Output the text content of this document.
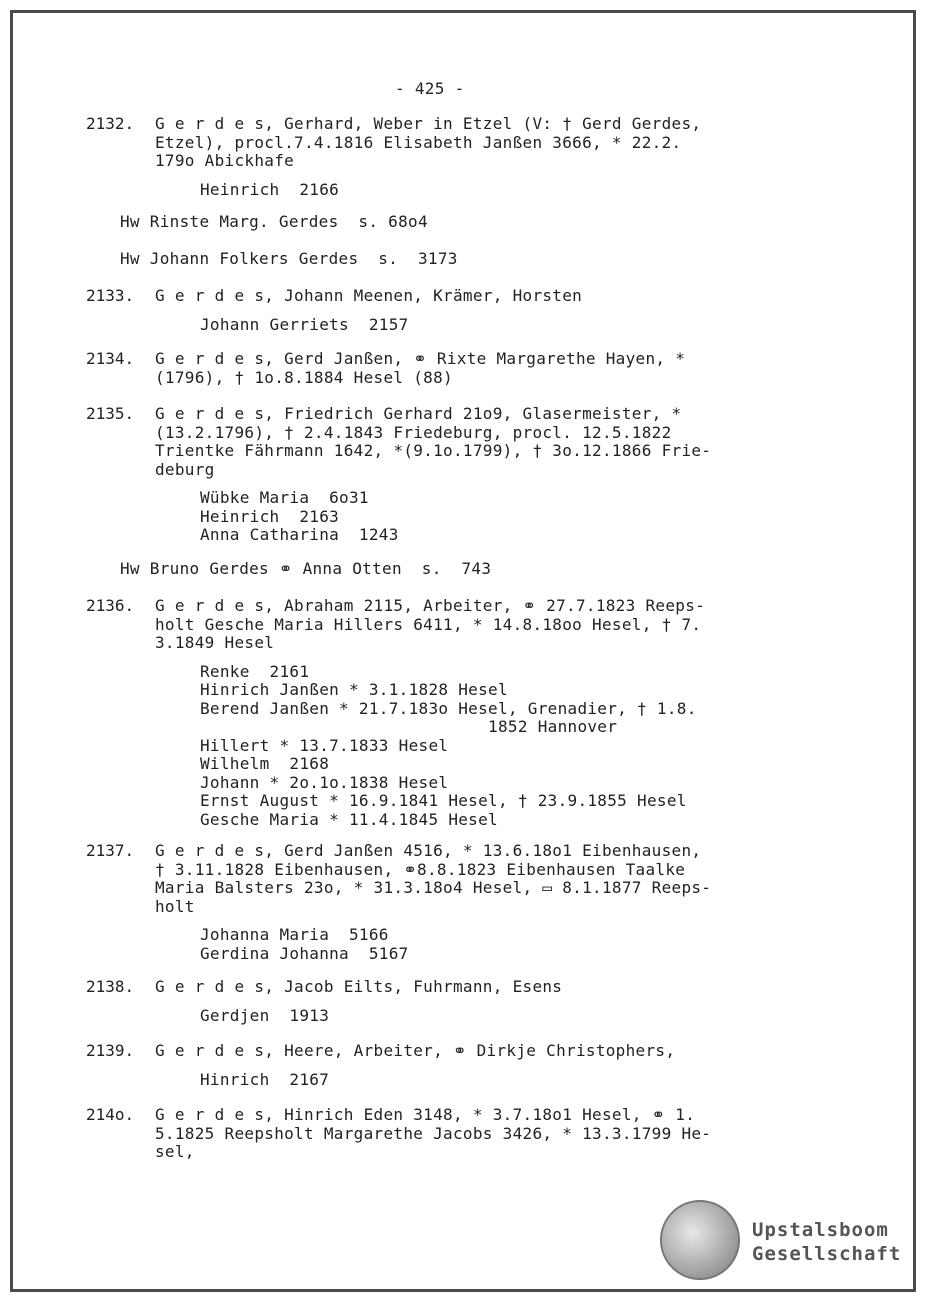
- 425 -
2132. G e r d e s, Gerhard, Weber in Etzel (V: † Gerd Gerdes,
Etzel), procl.7.4.1816 Elisabeth Janßen 3666, * 22.2.
179o Abickhafe
Heinrich  2166
Hw Rinste Marg. Gerdes  s. 68o4
Hw Johann Folkers Gerdes  s.  3173
2133. G e r d e s, Johann Meenen, Krämer, Horsten
Johann Gerriets  2157
2134. G e r d e s, Gerd Janßen, ⚭ Rixte Margarethe Hayen, *
(1796), † 1o.8.1884 Hesel (88)
2135. G e r d e s, Friedrich Gerhard 21o9, Glasermeister, *
(13.2.1796), † 2.4.1843 Friedeburg, procl. 12.5.1822
Trientke Fährmann 1642, *(9.1o.1799), † 3o.12.1866 Frie-
deburg
Wübke Maria  6o31
Heinrich  2163
Anna Catharina  1243
Hw Bruno Gerdes ⚭ Anna Otten  s.  743
2136. G e r d e s, Abraham 2115, Arbeiter, ⚭ 27.7.1823 Reeps-
holt Gesche Maria Hillers 6411, * 14.8.18oo Hesel, † 7.
3.1849 Hesel
Renke  2161
Hinrich Janßen * 3.1.1828 Hesel
Berend Janßen * 21.7.183o Hesel, Grenadier, † 1.8.
1852 Hannover
Hillert * 13.7.1833 Hesel
Wilhelm  2168
Johann * 2o.1o.1838 Hesel
Ernst August * 16.9.1841 Hesel, † 23.9.1855 Hesel
Gesche Maria * 11.4.1845 Hesel
2137. G e r d e s, Gerd Janßen 4516, * 13.6.18o1 Eibenhausen,
† 3.11.1828 Eibenhausen, ⚭8.8.1823 Eibenhausen Taalke
Maria Balsters 23o, * 31.3.18o4 Hesel, ▭ 8.1.1877 Reeps-
holt
Johanna Maria  5166
Gerdina Johanna  5167
2138. G e r d e s, Jacob Eilts, Fuhrmann, Esens
Gerdjen  1913
2139. G e r d e s, Heere, Arbeiter, ⚭ Dirkje Christophers,
Hinrich  2167
214o. G e r d e s, Hinrich Eden 3148, * 3.7.18o1 Hesel, ⚭ 1.
5.1825 Reepsholt Margarethe Jacobs 3426, * 13.3.1799 He-
sel,
Upstalsboom
Gesellschaft
